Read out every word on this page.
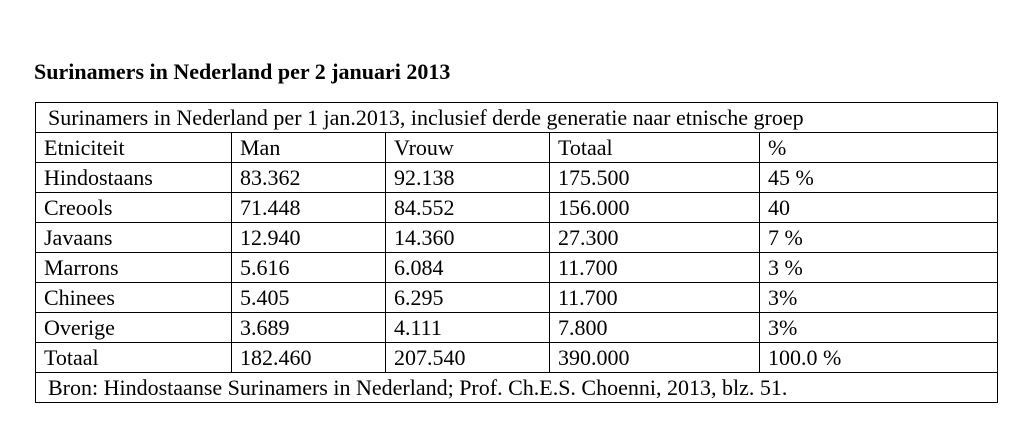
Surinamers in Nederland per 2 januari 2013
Surinamers in Nederland per 1 jan.2013, inclusief derde generatie naar etnische groep				
Etniciteit	Man	Vrouw	Totaal	%
Hindostaans	83.362	92.138	175.500	45 %
Creools	71.448	84.552	156.000	40
Javaans	12.940	14.360	27.300	7 %
Marrons	5.616	6.084	11.700	3 %
Chinees	5.405	6.295	11.700	3%
Overige	3.689	4.111	7.800	3%
Totaal	182.460	207.540	390.000	100.0 %
Bron: Hindostaanse Surinamers in Nederland; Prof. Ch.E.S. Choenni, 2013, blz. 51.				
